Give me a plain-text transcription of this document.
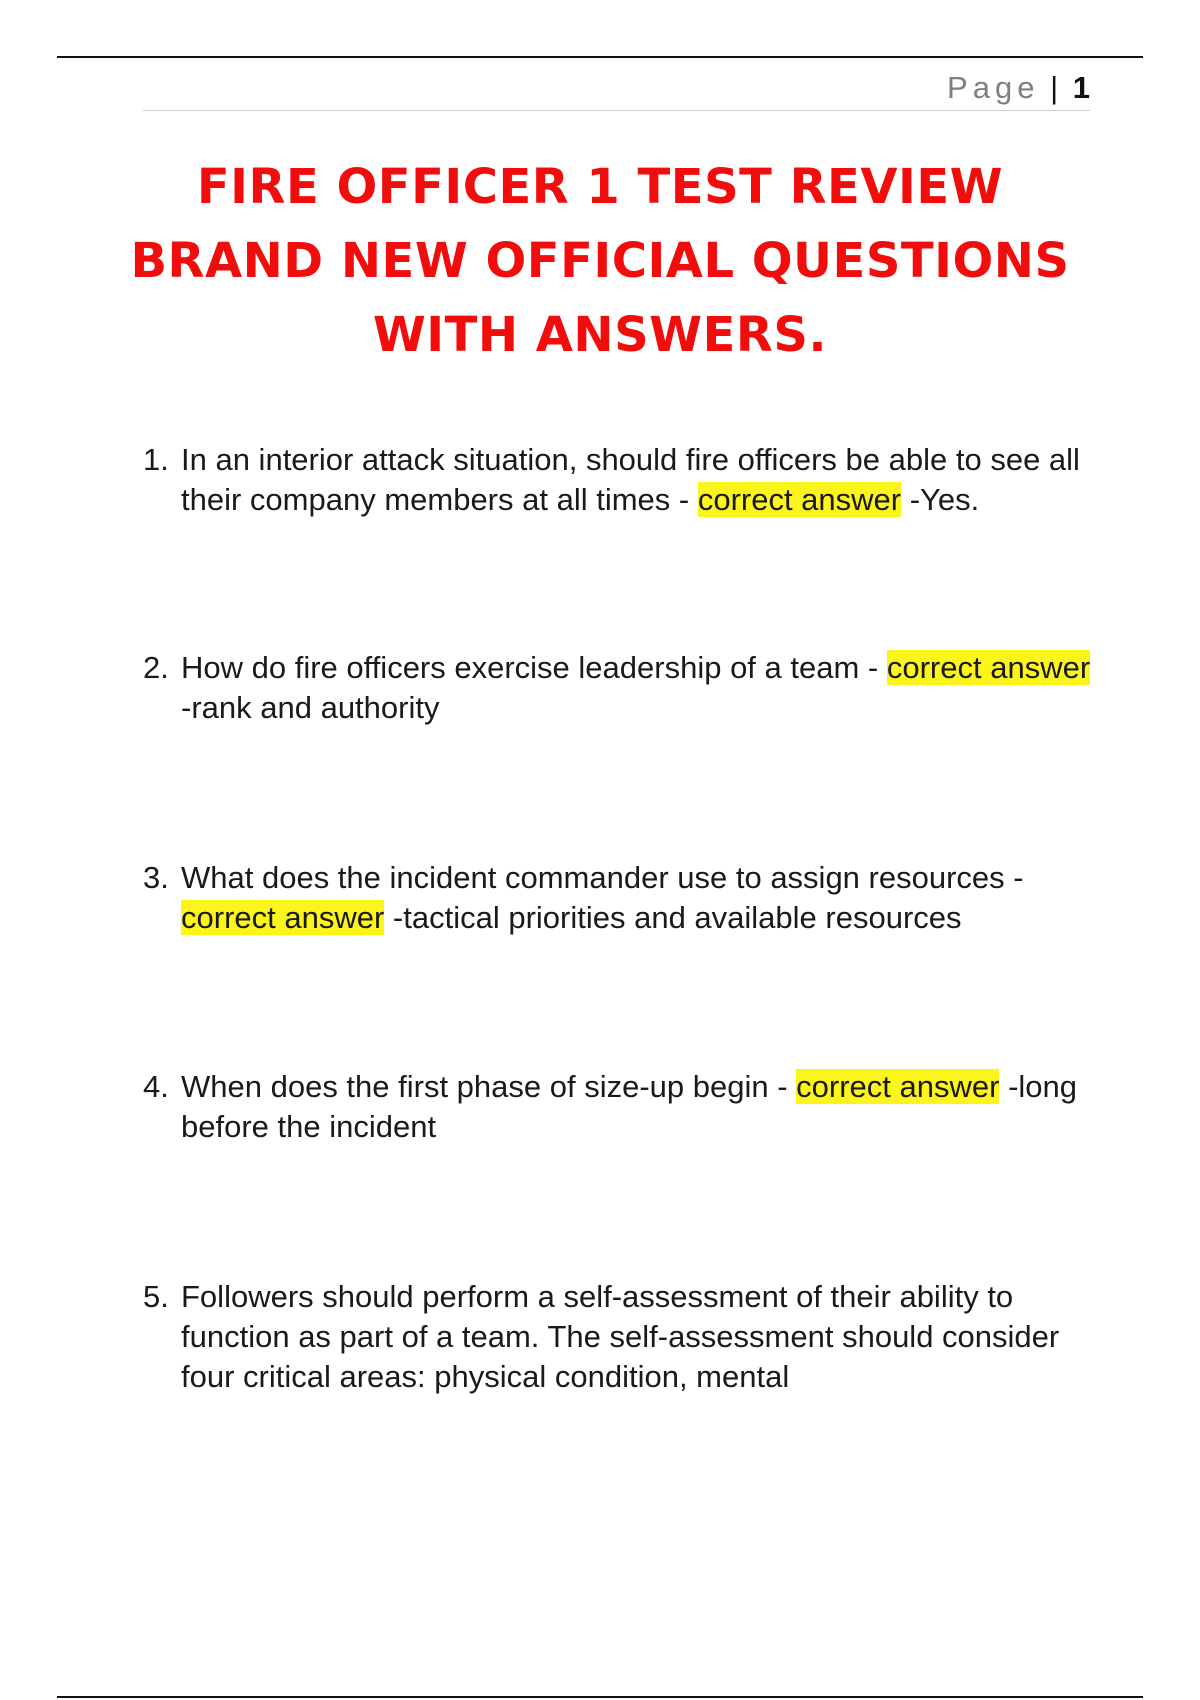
Page | 1
FIRE OFFICER 1 TEST REVIEW
BRAND NEW OFFICIAL QUESTIONS
WITH ANSWERS.

1. In an interior attack situation, should fire officers be able to see all their company members at all times - correct answer -Yes.

2. How do fire officers exercise leadership of a team - correct answer -rank and authority

3. What does the incident commander use to assign resources - correct answer -tactical priorities and available resources

4. When does the first phase of size-up begin - correct answer -long before the incident

5. Followers should perform a self-assessment of their ability to function as part of a team. The self-assessment should consider four critical areas: physical condition, mental
